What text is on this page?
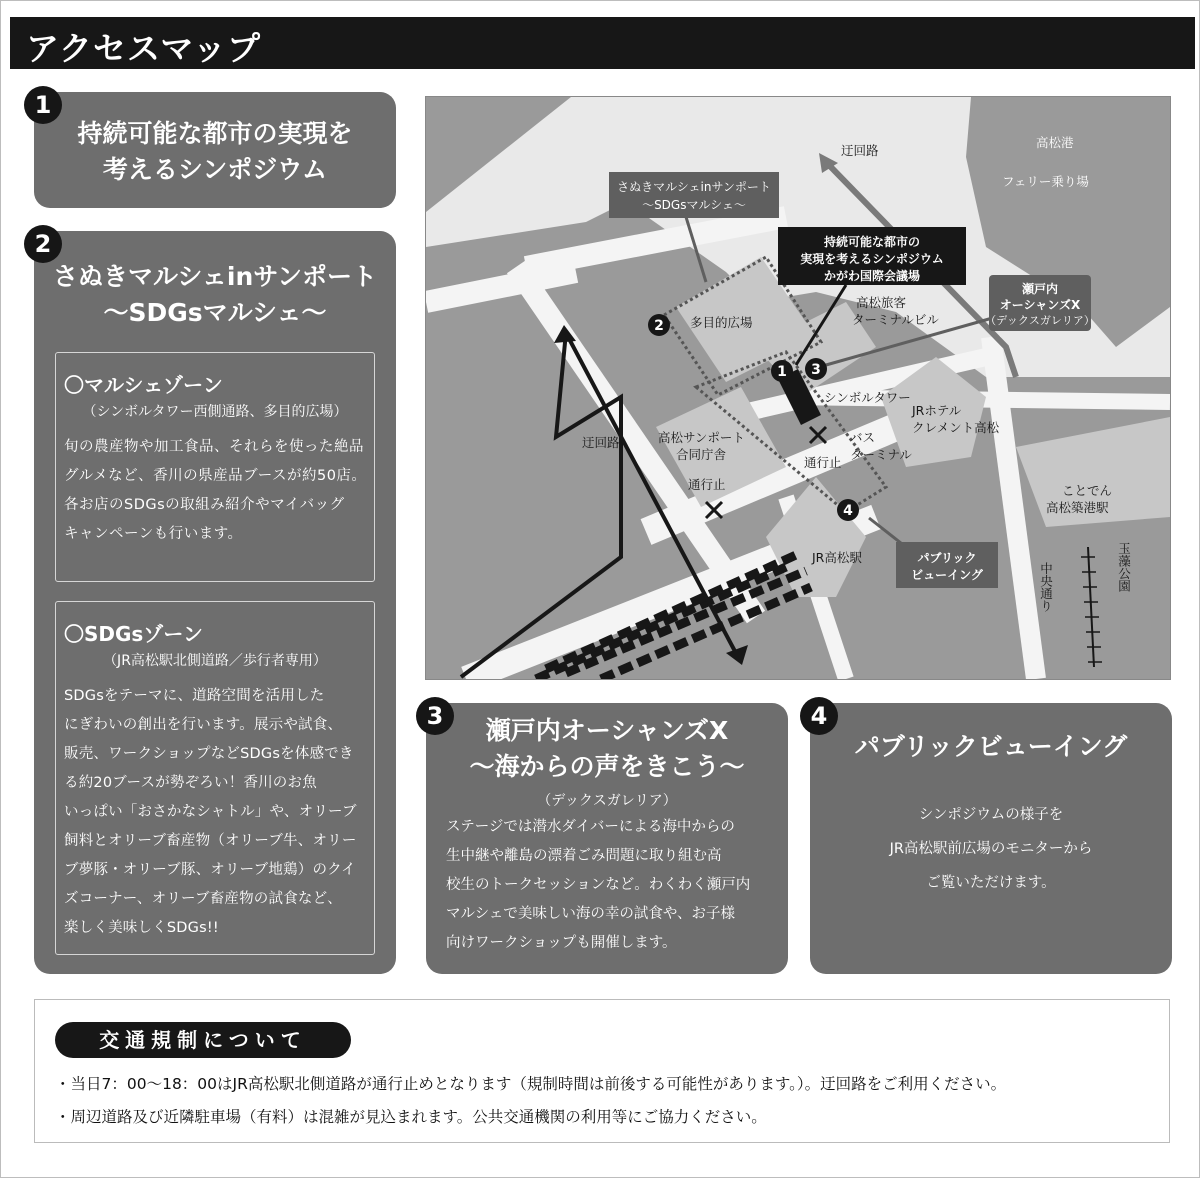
アクセスマップ
1
持続可能な都市の実現を
考えるシンポジウム
2
さぬきマルシェinサンポート
～SDGsマルシェ～
〇マルシェゾーン
（シンボルタワー西側通路、多目的広場）
旬の農産物や加工食品、それらを使った絶品
グルメなど、香川の県産品ブースが約50店。
各お店のSDGsの取組み紹介やマイバッグ
キャンペーンも行います。
〇SDGsゾーン
（JR高松駅北側道路／歩行者専用）
SDGsをテーマに、道路空間を活用した
にぎわいの創出を行います。展示や試食、
販売、ワークショップなどSDGsを体感でき
る約20ブースが勢ぞろい！香川のお魚
いっぱい「おさかなシャトル」や、オリーブ
飼料とオリーブ畜産物（オリーブ牛、オリー
ブ夢豚・オリーブ豚、オリーブ地鶏）のクイ
ズコーナー、オリーブ畜産物の試食など、
楽しく美味しくSDGs!!
さぬきマルシェinサンポート
～SDGsマルシェ～
持続可能な都市の
実現を考えるシンポジウム
かがわ国際会議場
瀬戸内
オーシャンズX
（デックスガレリア）
パブリック
ビューイング
2
1 3
4
迂回路
高松港
フェリー乗り場
多目的広場
高松旅客
ターミナルビル
シンボルタワー
JRホテル
クレメント高松
バス
ターミナル
通行止
高松サンポート
合同庁舎
迂回路
通行止
JR高松駅
ことでん
高松築港駅
玉藻公園
中央通り
3	瀬戸内オーシャンズX
～海からの声をきこう～
（デックスガレリア）
ステージでは潜水ダイバーによる海中からの
生中継や離島の漂着ごみ問題に取り組む高
校生のトークセッションなど。わくわく瀬戸内
マルシェで美味しい海の幸の試食や、お子様
向けワークショップも開催します。
4
パブリックビューイング
シンポジウムの様子を
JR高松駅前広場のモニターから
ご覧いただけます。
交通規制について
・当日7：00～18：00はJR高松駅北側道路が通行止めとなります（規制時間は前後する可能性があります。）。迂回路をご利用ください。
・周辺道路及び近隣駐車場（有料）は混雑が見込まれます。公共交通機関の利用等にご協力ください。
